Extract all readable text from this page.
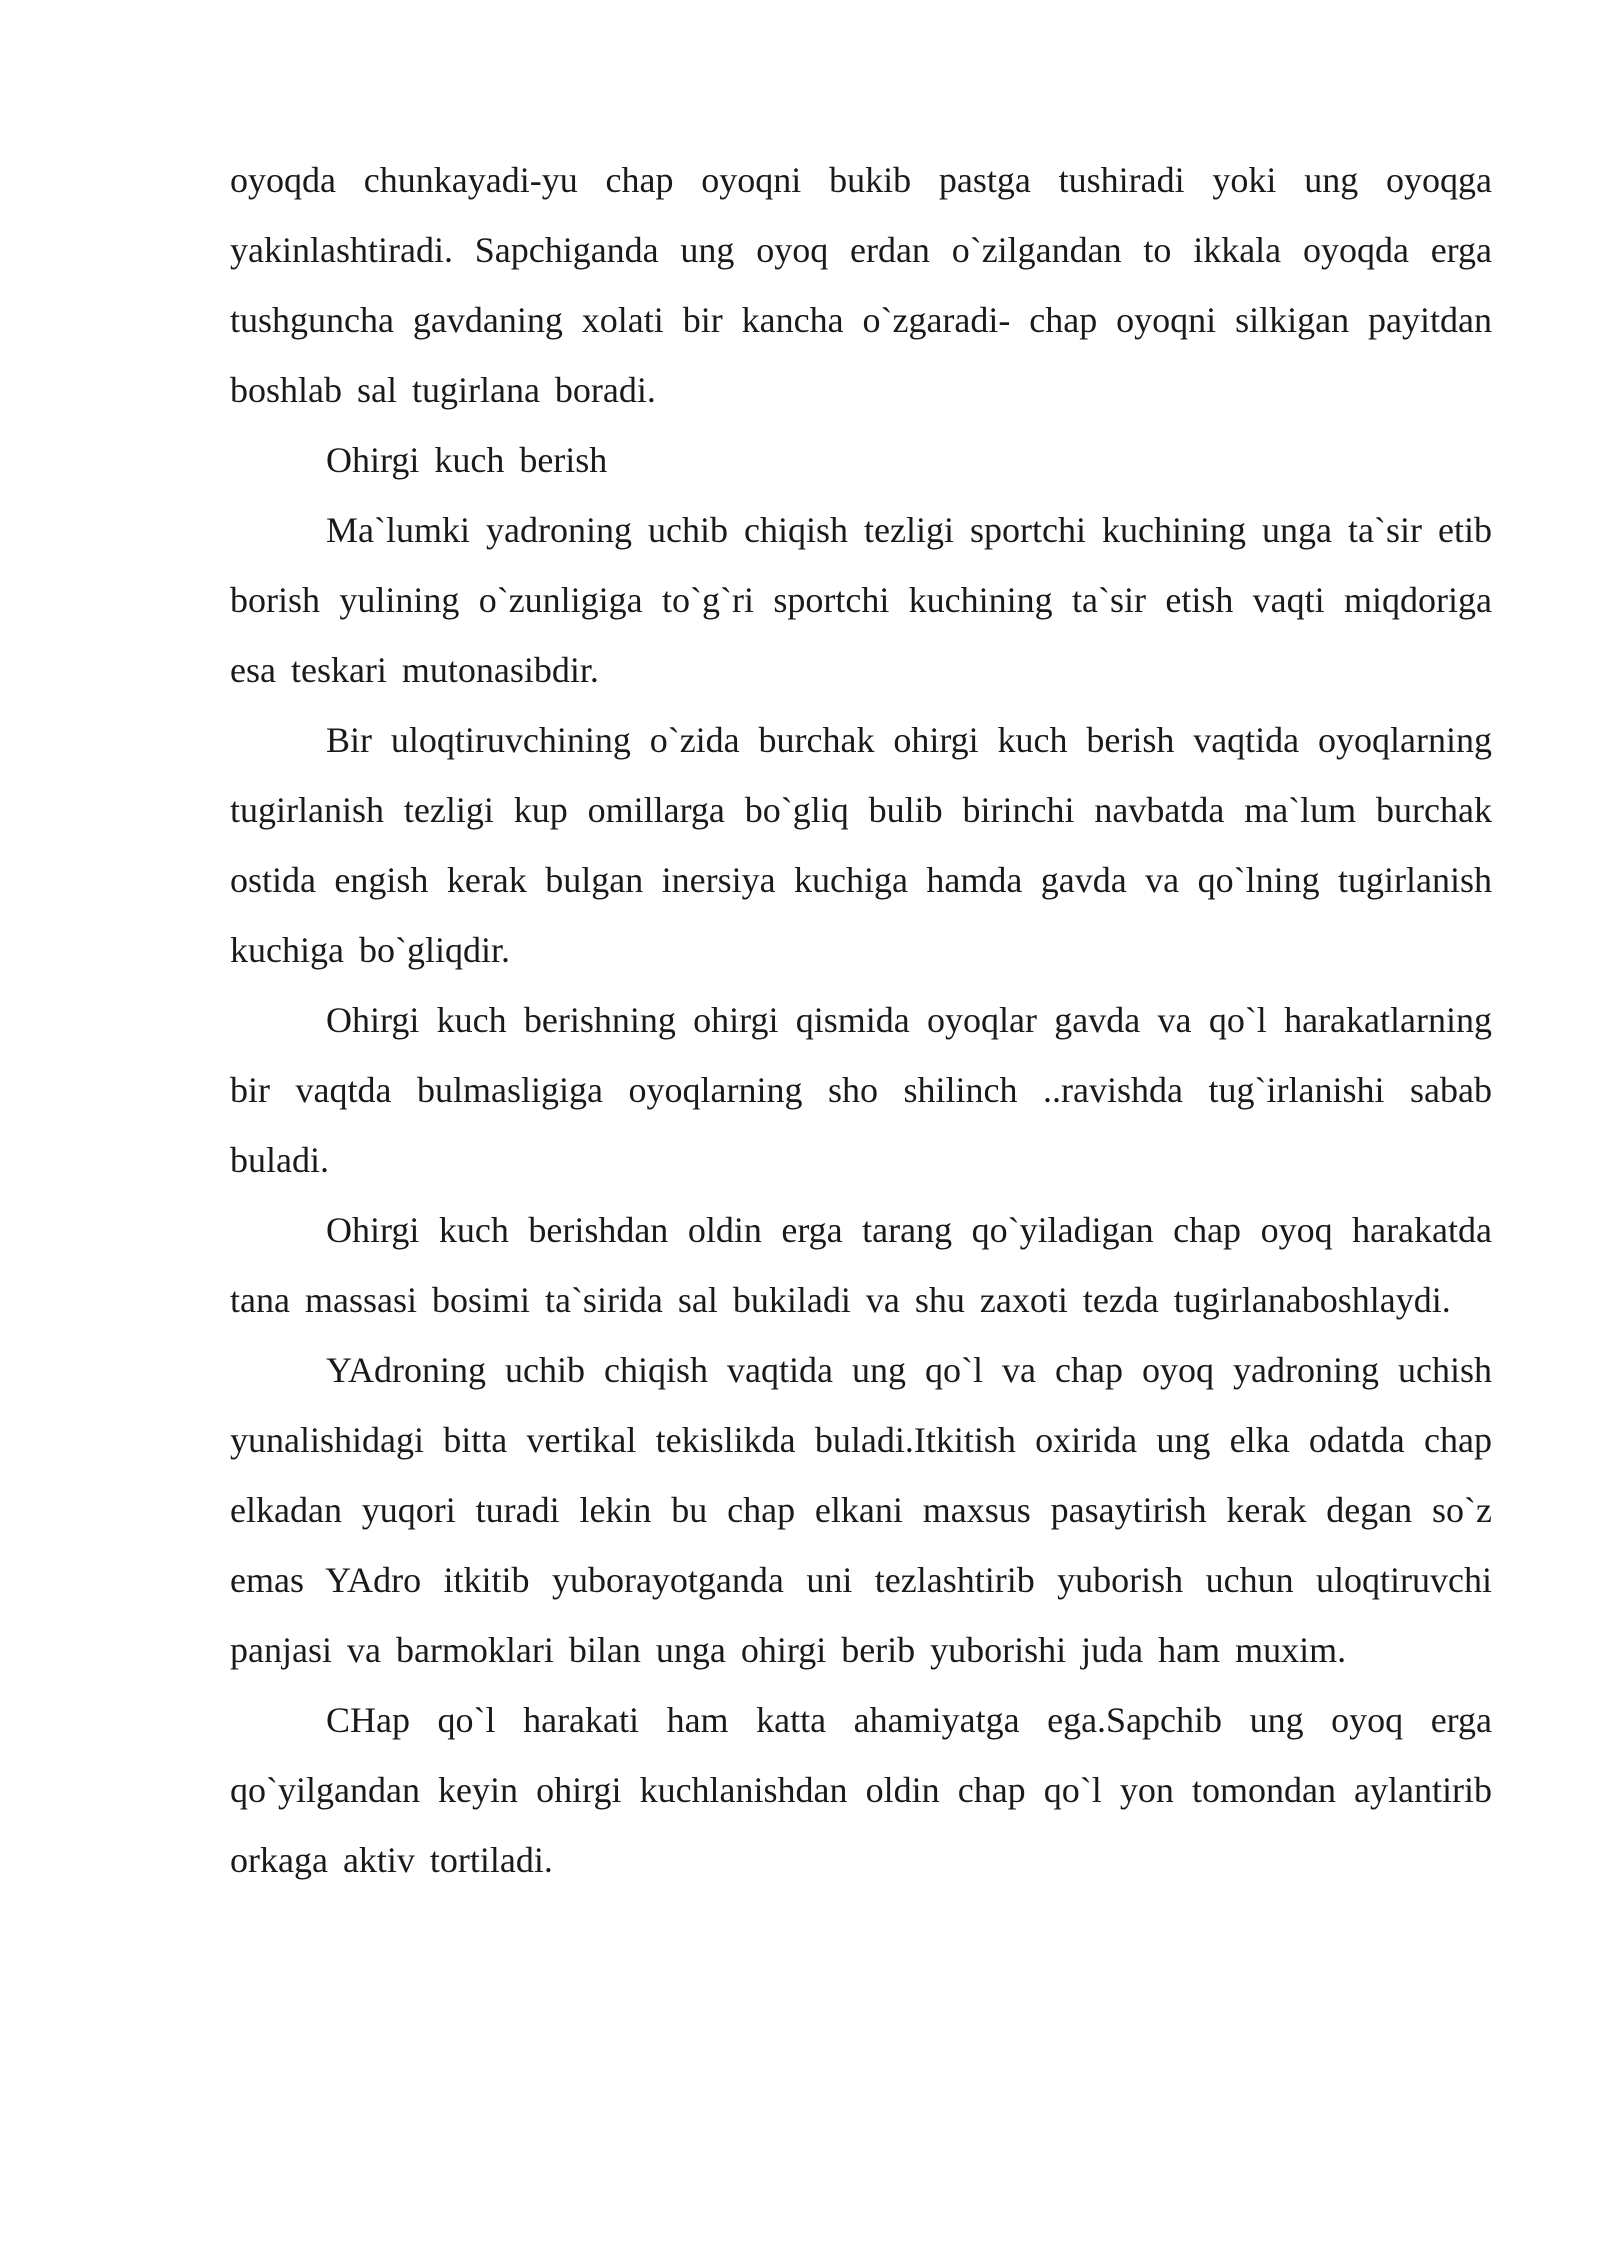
oyoqda chunkayadi-yu chap oyoqni bukib pastga tushiradi yoki ung oyoqga yakinlashtiradi. Sapchiganda ung oyoq erdan o`zilgandan to ikkala oyoqda erga tushguncha gavdaning xolati bir kancha o`zgaradi- chap oyoqni silkigan payitdan boshlab sal tugirlana boradi.

Ohirgi kuch berish

Ma`lumki yadroning uchib chiqish tezligi sportchi kuchining unga ta`sir etib borish yulining o`zunligiga to`g`ri sportchi kuchining ta`sir etish vaqti miqdoriga esa teskari mutonasibdir.

Bir uloqtiruvchining o`zida burchak ohirgi kuch berish vaqtida oyoqlarning tugirlanish tezligi kup omillarga bo`gliq bulib birinchi navbatda ma`lum burchak ostida engish kerak bulgan inersiya kuchiga hamda gavda va qo`lning tugirlanish kuchiga bo`gliqdir.

Ohirgi kuch berishning ohirgi qismida oyoqlar gavda va qo`l harakatlarning bir vaqtda bulmasligiga oyoqlarning sho shilinch ..ravishda tug`irlanishi sabab buladi.

Ohirgi kuch berishdan oldin erga tarang qo`yiladigan chap oyoq harakatda tana massasi bosimi ta`sirida sal bukiladi va shu zaxoti tezda tugirlanaboshlaydi.

YAdroning uchib chiqish vaqtida ung qo`l va chap oyoq yadroning uchish yunalishidagi bitta vertikal tekislikda buladi.Itkitish oxirida ung elka odatda chap elkadan yuqori turadi lekin bu chap elkani maxsus pasaytirish kerak degan so`z emas YAdro itkitib yuborayotganda uni tezlashtirib yuborish uchun uloqtiruvchi panjasi va barmoklari bilan unga ohirgi berib yuborishi juda ham muxim.

CHap qo`l harakati ham katta ahamiyatga ega.Sapchib ung oyoq erga qo`yilgandan keyin ohirgi kuchlanishdan oldin chap qo`l yon tomondan aylantirib orkaga aktiv tortiladi.
